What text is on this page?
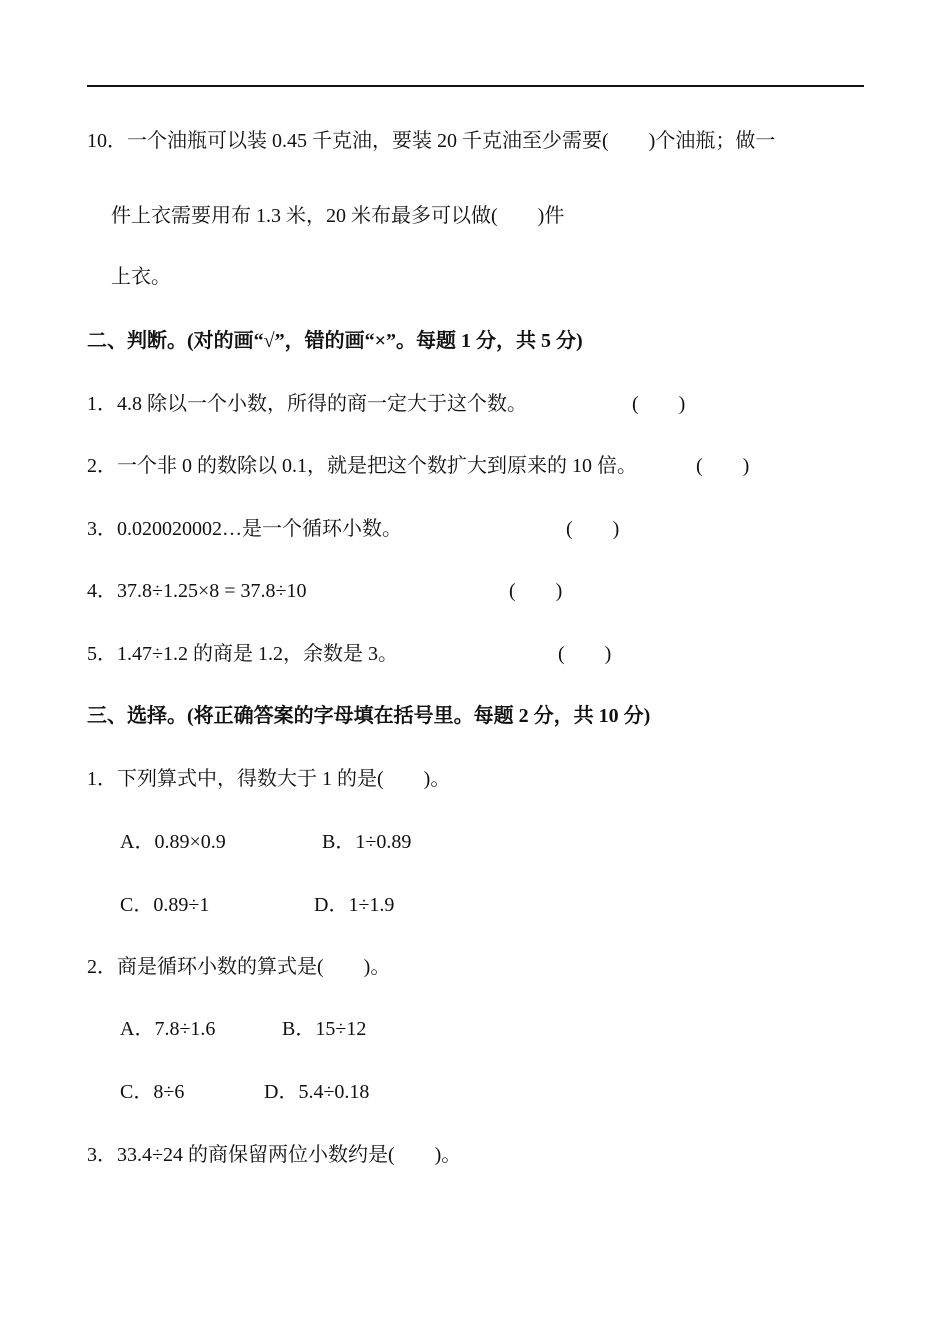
10．一个油瓶可以装 0.45 千克油，要装 20 千克油至少需要(        )个油瓶；做一
件上衣需要用布 1.3 米，20 米布最多可以做(        )件
上衣。
二、判断。(对的画“√”，错的画“×”。每题 1 分，共 5 分)
1．4.8 除以一个小数，所得的商一定大于这个数。	(        )
2．一个非 0 的数除以 0.1，就是把这个数扩大到原来的 10 倍。	(        )
3．0.020020002…是一个循环小数。	(        )
4．37.8÷1.25×8 = 37.8÷10	(        )
5．1.47÷1.2 的商是 1.2，余数是 3。	(        )
三、选择。(将正确答案的字母填在括号里。每题 2 分，共 10 分)
1．下列算式中，得数大于 1 的是(        )。
A．0.89×0.9	B．1÷0.89
C．0.89÷1	D．1÷1.9
2．商是循环小数的算式是(        )。
A．7.8÷1.6	B．15÷12
C．8÷6	D．5.4÷0.18
3．33.4÷24 的商保留两位小数约是(        )。
